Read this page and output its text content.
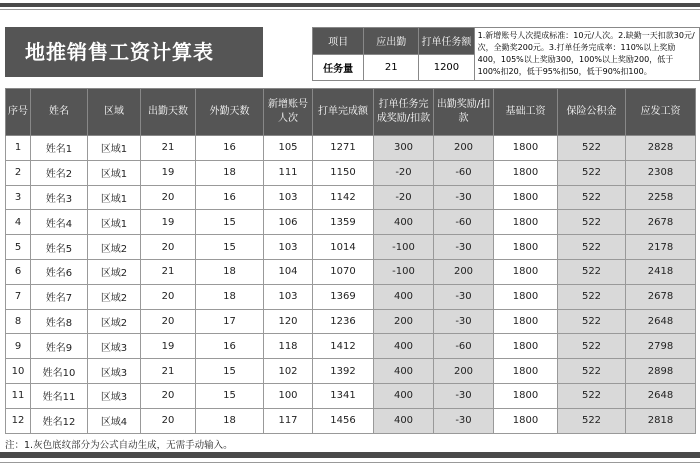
地推销售工资计算表	项目	应出勤	打单任务额	1.新增账号人次提成标准：10元/人次。2.缺勤一天扣款30元/次，全勤奖200元。3.打单任务完成率：110%以上奖励400，105%以上奖励300，100%以上奖励200，低于100%扣20，低于95%扣50，低于90%扣100。
任务量	21	1200	
序号	姓名	区域	出勤天数	外勤天数	新增账号人次	打单完成额	打单任务完成奖励/扣款	出勤奖励/扣款	基础工资	保险公积金	应发工资
1	姓名1	区域1	21	16	105	1271	300	200	1800	522	2828
2	姓名2	区域1	19	18	111	1150	-20	-60	1800	522	2308
3	姓名3	区域1	20	16	103	1142	-20	-30	1800	522	2258
4	姓名4	区域1	19	15	106	1359	400	-60	1800	522	2678
5	姓名5	区域2	20	15	103	1014	-100	-30	1800	522	2178
6	姓名6	区域2	21	18	104	1070	-100	200	1800	522	2418
7	姓名7	区域2	20	18	103	1369	400	-30	1800	522	2678
8	姓名8	区域2	20	17	120	1236	200	-30	1800	522	2648
9	姓名9	区域3	19	16	118	1412	400	-60	1800	522	2798
10	姓名10	区域3	21	15	102	1392	400	200	1800	522	2898
11	姓名11	区域3	20	15	100	1341	400	-30	1800	522	2648
12	姓名12	区域4	20	18	117	1456	400	-30	1800	522	2818
注：1.灰色底纹部分为公式自动生成，无需手动输入。
